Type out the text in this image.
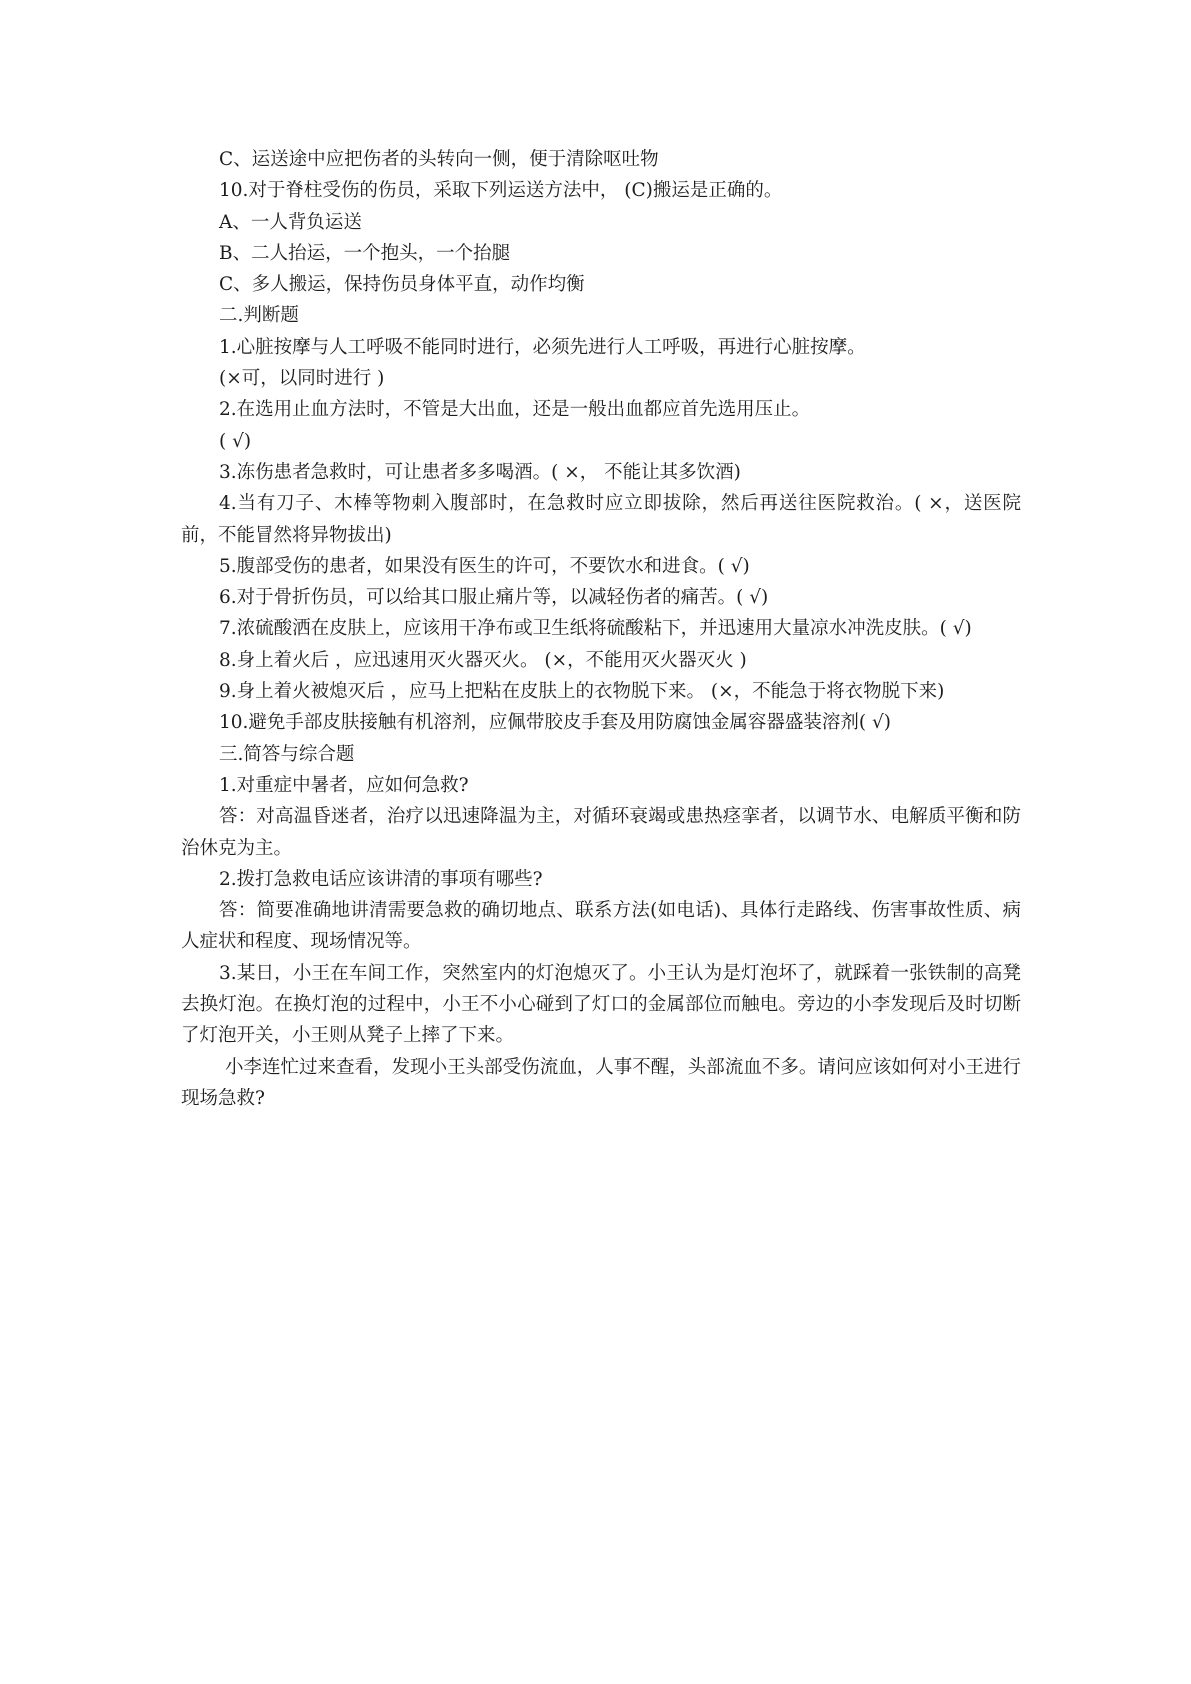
C、运送途中应把伤者的头转向一侧，便于清除呕吐物

10.对于脊柱受伤的伤员，采取下列运送方法中， (C)搬运是正确的。

A、一人背负运送

B、二人抬运，一个抱头，一个抬腿

C、多人搬运，保持伤员身体平直，动作均衡

二.判断题

1.心脏按摩与人工呼吸不能同时进行，必须先进行人工呼吸，再进行心脏按摩。

(×可，以同时进行 )

2.在选用止血方法时，不管是大出血，还是一般出血都应首先选用压止。

( √)

3.冻伤患者急救时，可让患者多多喝酒。( ×， 不能让其多饮酒)

4.当有刀子、木棒等物刺入腹部时，在急救时应立即拔除，然后再送往医院救治。( ×，送医院前，不能冒然将异物拔出)

5.腹部受伤的患者，如果没有医生的许可，不要饮水和进食。( √)

6.对于骨折伤员，可以给其口服止痛片等，以减轻伤者的痛苦。( √)

7.浓硫酸洒在皮肤上，应该用干净布或卫生纸将硫酸粘下，并迅速用大量凉水冲洗皮肤。( √)

8.身上着火后 ，应迅速用灭火器灭火。 (×，不能用灭火器灭火 )

9.身上着火被熄灭后 ，应马上把粘在皮肤上的衣物脱下来。 (×，不能急于将衣物脱下来)

10.避免手部皮肤接触有机溶剂，应佩带胶皮手套及用防腐蚀金属容器盛装溶剂( √)

三.简答与综合题

1.对重症中暑者，应如何急救?

答：对高温昏迷者，治疗以迅速降温为主，对循环衰竭或患热痉挛者，以调节水、电解质平衡和防治休克为主。

2.拨打急救电话应该讲清的事项有哪些?

答：简要准确地讲清需要急救的确切地点、联系方法(如电话)、具体行走路线、伤害事故性质、病人症状和程度、现场情况等。

3.某日，小王在车间工作，突然室内的灯泡熄灭了。小王认为是灯泡坏了，就踩着一张铁制的高凳去换灯泡。在换灯泡的过程中，小王不小心碰到了灯口的金属部位而触电。旁边的小李发现后及时切断了灯泡开关，小王则从凳子上摔了下来。

小李连忙过来查看，发现小王头部受伤流血，人事不醒，头部流血不多。请问应该如何对小王进行现场急救?
